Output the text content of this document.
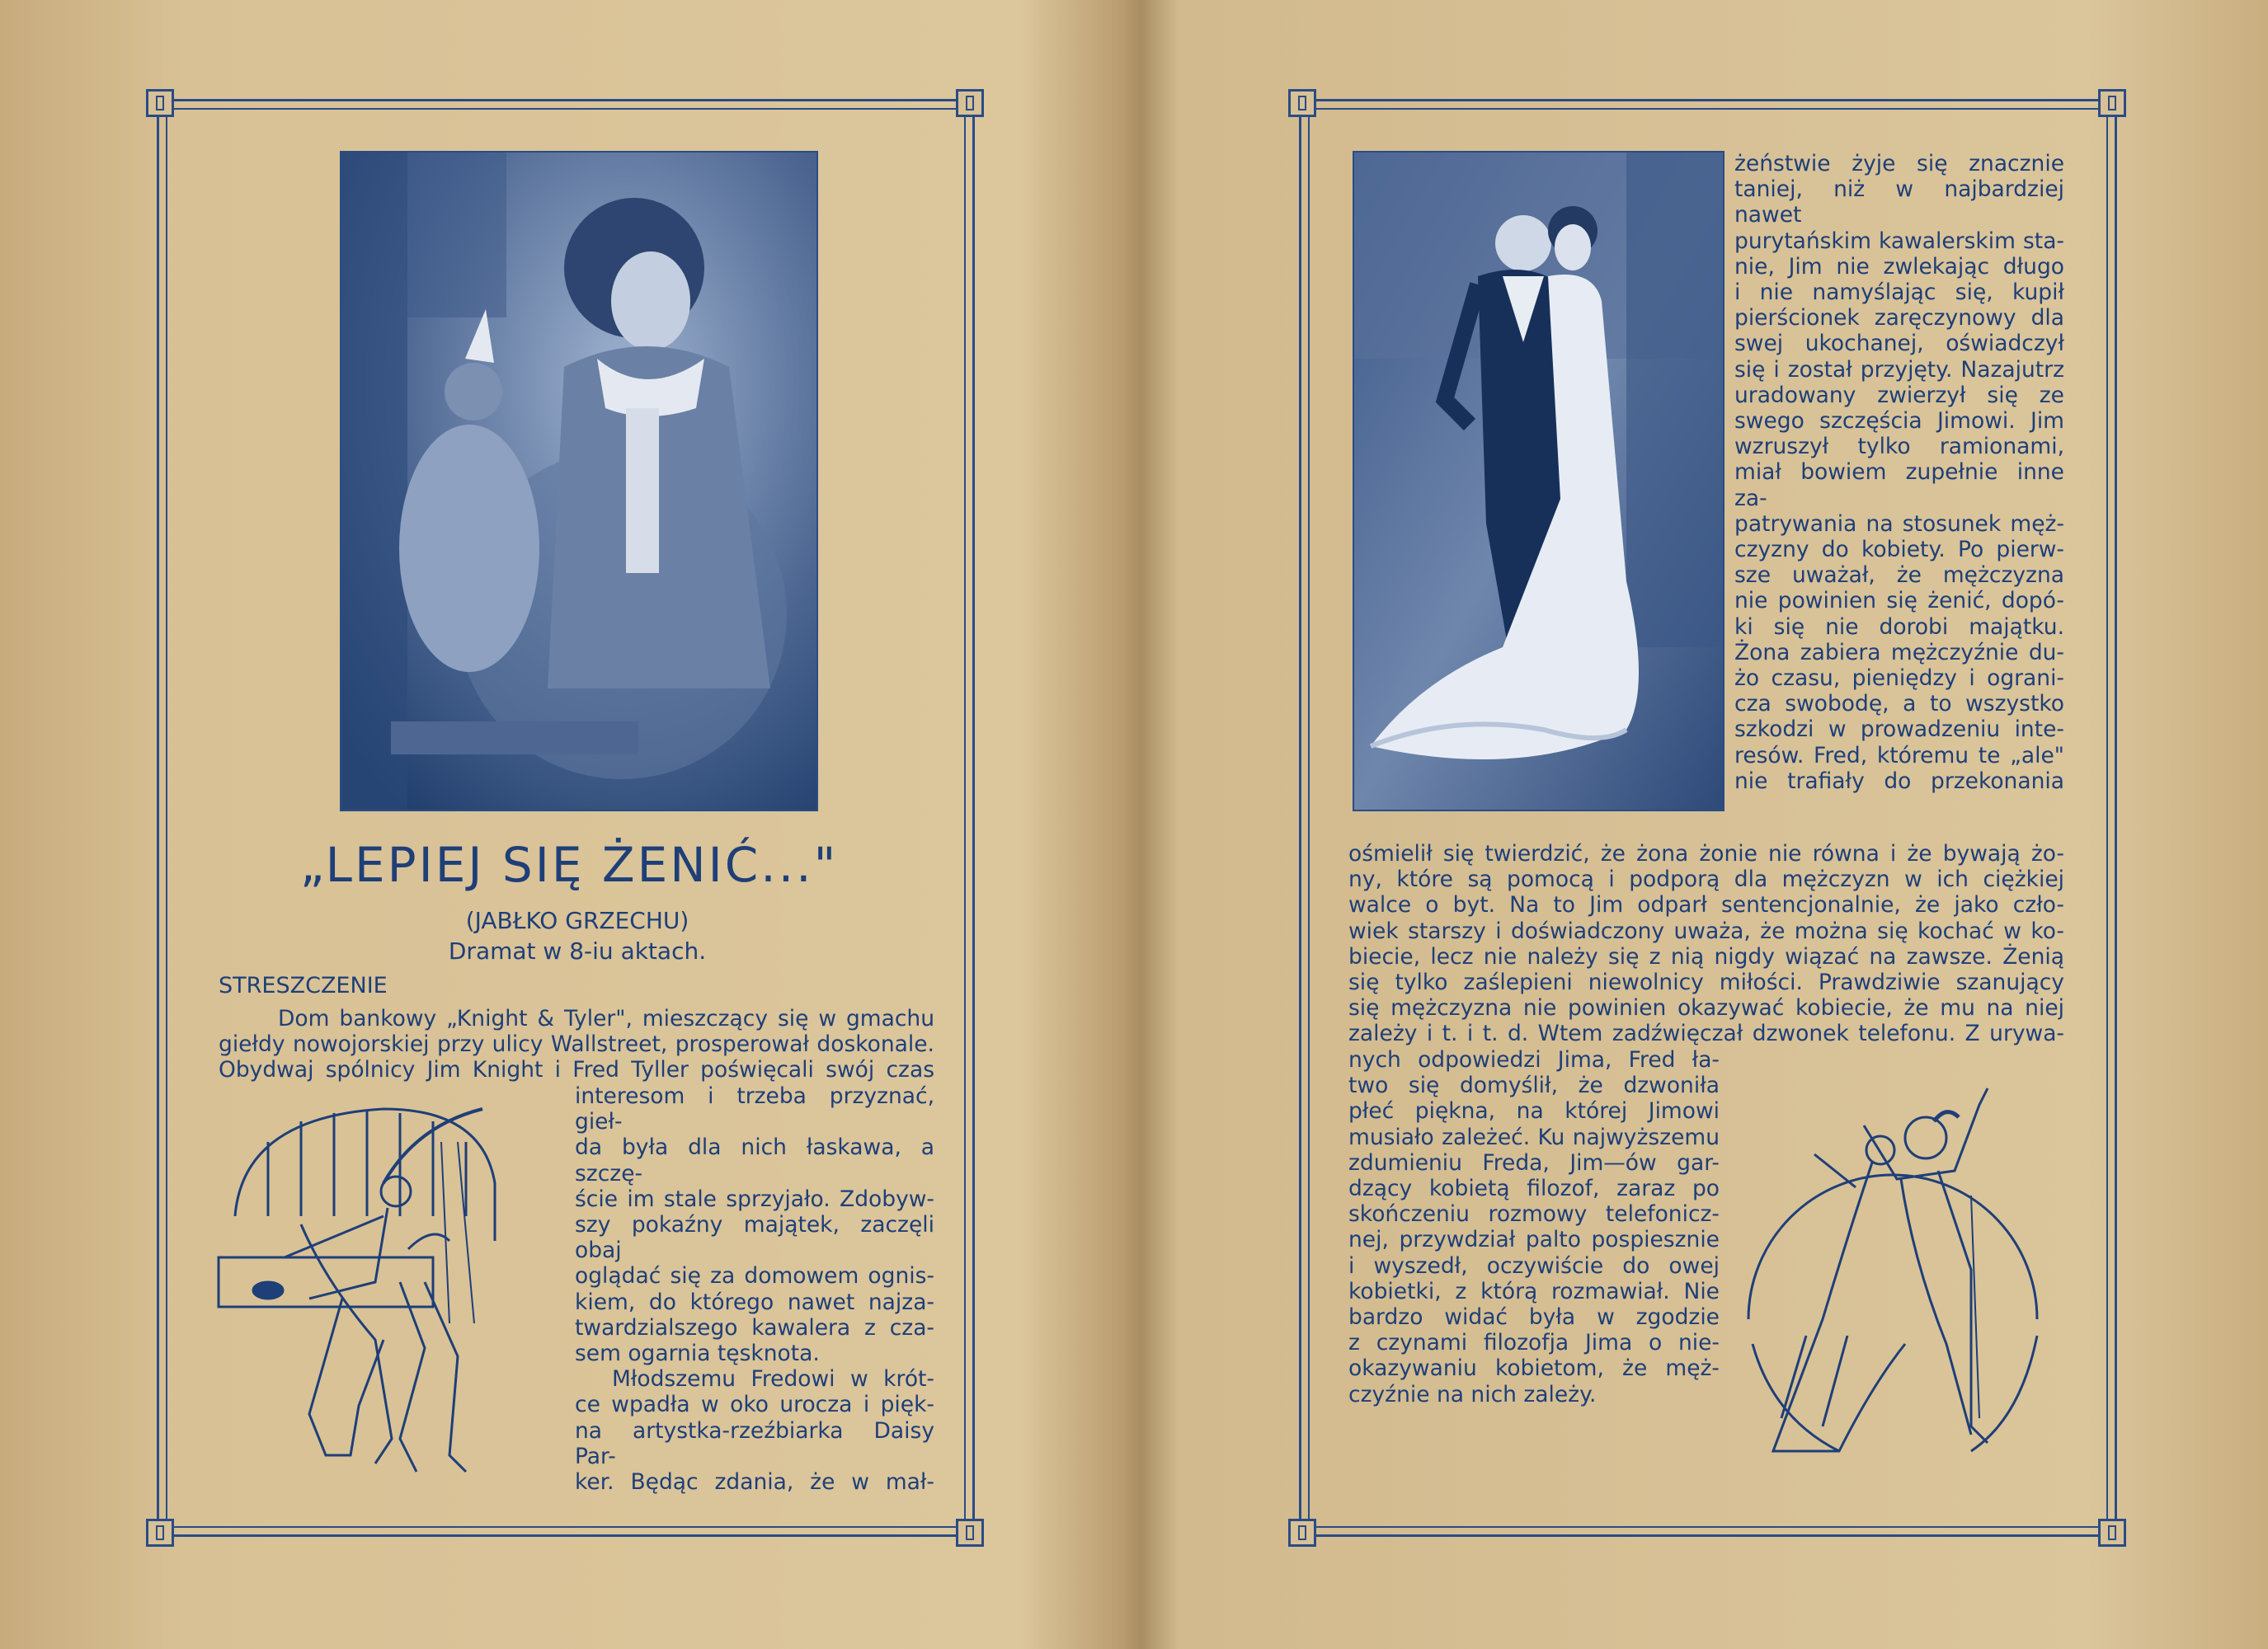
„LEPIEJ SIĘ ŻENIĆ..."
(JABŁKO GRZECHU)
Dramat w 8-iu aktach.
STRESZCZENIE

Dom bankowy „Knight & Tyler", mieszczący się w gmachu

giełdy nowojorskiej przy ulicy Wallstreet, prosperował doskonale.

Obydwaj spólnicy Jim Knight i Fred Tyller poświęcali swój czas

interesom i trzeba przyznać, gieł-

da była dla nich łaskawa, a szczę-

ście im stale sprzyjało. Zdobyw-

szy pokaźny majątek, zaczęli obaj

oglądać się za domowem ognis-

kiem, do którego nawet najza-

twardzialszego kawalera z cza-

sem ogarnia tęsknota.

Młodszemu Fredowi w krót-

ce wpadła w oko urocza i pięk-

na artystka-rzeźbiarka Daisy Par-

ker. Będąc zdania, że w mał-

żeństwie żyje się znacznie

taniej, niż w najbardziej nawet

purytańskim kawalerskim sta-

nie, Jim nie zwlekając długo

i nie namyślając się, kupił

pierścionek zaręczynowy dla

swej ukochanej, oświadczył

się i został przyjęty. Nazajutrz

uradowany zwierzył się ze

swego szczęścia Jimowi. Jim

wzruszył tylko ramionami,

miał bowiem zupełnie inne za-

patrywania na stosunek męż-

czyzny do kobiety. Po pierw-

sze uważał, że mężczyzna

nie powinien się żenić, dopó-

ki się nie dorobi majątku.

Żona zabiera mężczyźnie du-

żo czasu, pieniędzy i ograni-

cza swobodę, a to wszystko

szkodzi w prowadzeniu inte-

resów. Fred, któremu te „ale"

nie trafiały do przekonania

ośmielił się twierdzić, że żona żonie nie równa i że bywają żo-

ny, które są pomocą i podporą dla mężczyzn w ich ciężkiej

walce o byt. Na to Jim odparł sentencjonalnie, że jako czło-

wiek starszy i doświadczony uważa, że można się kochać w ko-

biecie, lecz nie należy się z nią nigdy wiązać na zawsze. Żenią

się tylko zaślepieni niewolnicy miłości. Prawdziwie szanujący

się mężczyzna nie powinien okazywać kobiecie, że mu na niej

zależy i t. i t. d. Wtem zadźwięczał dzwonek telefonu. Z urywa-

nych odpowiedzi Jima, Fred ła-

two się domyślił, że dzwoniła

płeć piękna, na której Jimowi

musiało zależeć. Ku najwyższemu

zdumieniu Freda, Jim—ów gar-

dzący kobietą filozof, zaraz po

skończeniu rozmowy telefonicz-

nej, przywdział palto pospiesznie

i wyszedł, oczywiście do owej

kobietki, z którą rozmawiał. Nie

bardzo widać była w zgodzie

z czynami filozofja Jima o nie-

okazywaniu kobietom, że męż-

czyźnie na nich zależy.
